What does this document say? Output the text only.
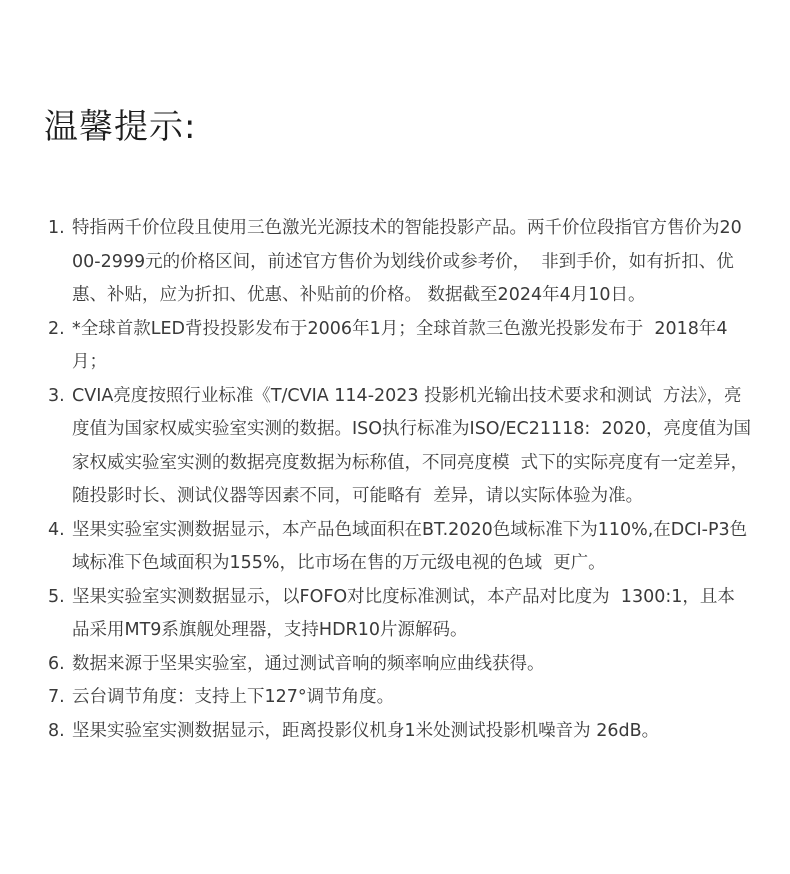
温馨提示:
1. 特指两千价位段且使用三色激光光源技术的智能投影产品。两千价位段指官方售价为2000-2999元的价格区间，前述官方售价为划线价或参考价，  非到手价，如有折扣、优惠、补贴，应为折扣、优惠、补贴前的价格。 数据截至2024年4月10日。
2. *全球首款LED背投投影发布于2006年1月；全球首款三色激光投影发布于  2018年4月；
3. CVIA亮度按照行业标准《T/CVIA 114-2023 投影机光输出技术要求和测试  方法》，亮度值为国家权威实验室实测的数据。ISO执行标准为ISO/EC21118:  2020，亮度值为国家权威实验室实测的数据亮度数据为标称值，不同亮度模  式下的实际亮度有一定差异，随投影时长、测试仪器等因素不同，可能略有  差异，请以实际体验为准。
4. 坚果实验室实测数据显示，本产品色域面积在BT.2020色域标准下为110%,在DCI-P3色域标准下色域面积为155%，比市场在售的万元级电视的色域  更广。
5. 坚果实验室实测数据显示，以FOFO对比度标准测试，本产品对比度为  1300:1，且本品采用MT9系旗舰处理器，支持HDR10片源解码。
6. 数据来源于坚果实验室，通过测试音响的频率响应曲线获得。
7. 云台调节角度：支持上下127°调节角度。
8. 坚果实验室实测数据显示，距离投影仪机身1米处测试投影机噪音为 26dB。
